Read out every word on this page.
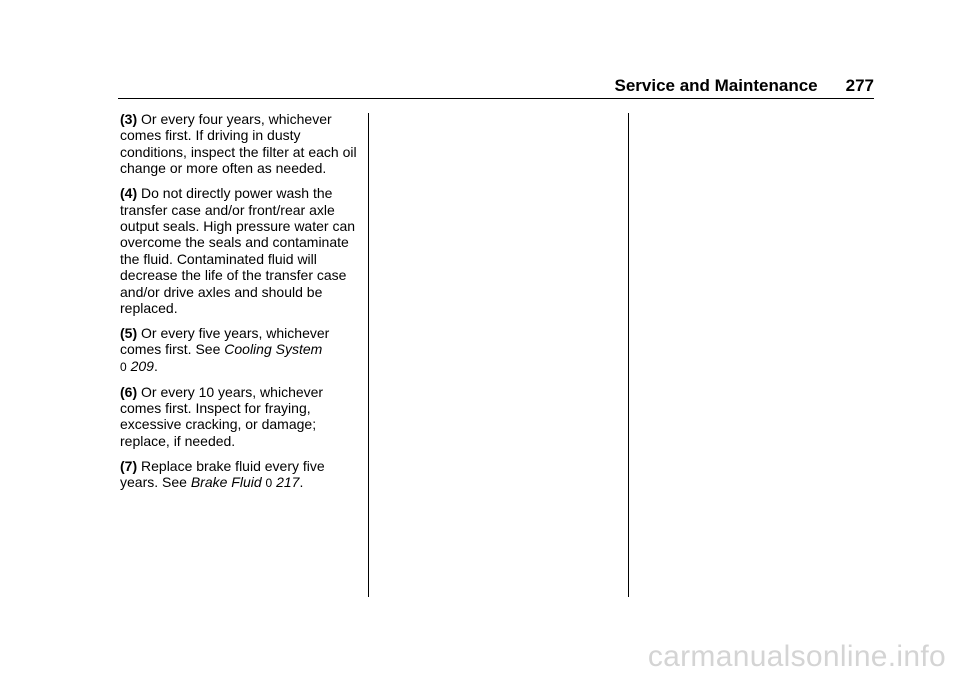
Service and Maintenance 277

(3) Or every four years, whichever comes first. If driving in dusty conditions, inspect the filter at each oil change or more often as needed.

(4) Do not directly power wash the transfer case and/or front/rear axle output seals. High pressure water can overcome the seals and contaminate the fluid. Contaminated fluid will decrease the life of the transfer case and/or drive axles and should be replaced.

(5) Or every five years, whichever comes first. See Cooling System
0 209.

(6) Or every 10 years, whichever comes first. Inspect for fraying, excessive cracking, or damage; replace, if needed.

(7) Replace brake fluid every five years. See Brake Fluid 0 217.

carmanualsonline.info
